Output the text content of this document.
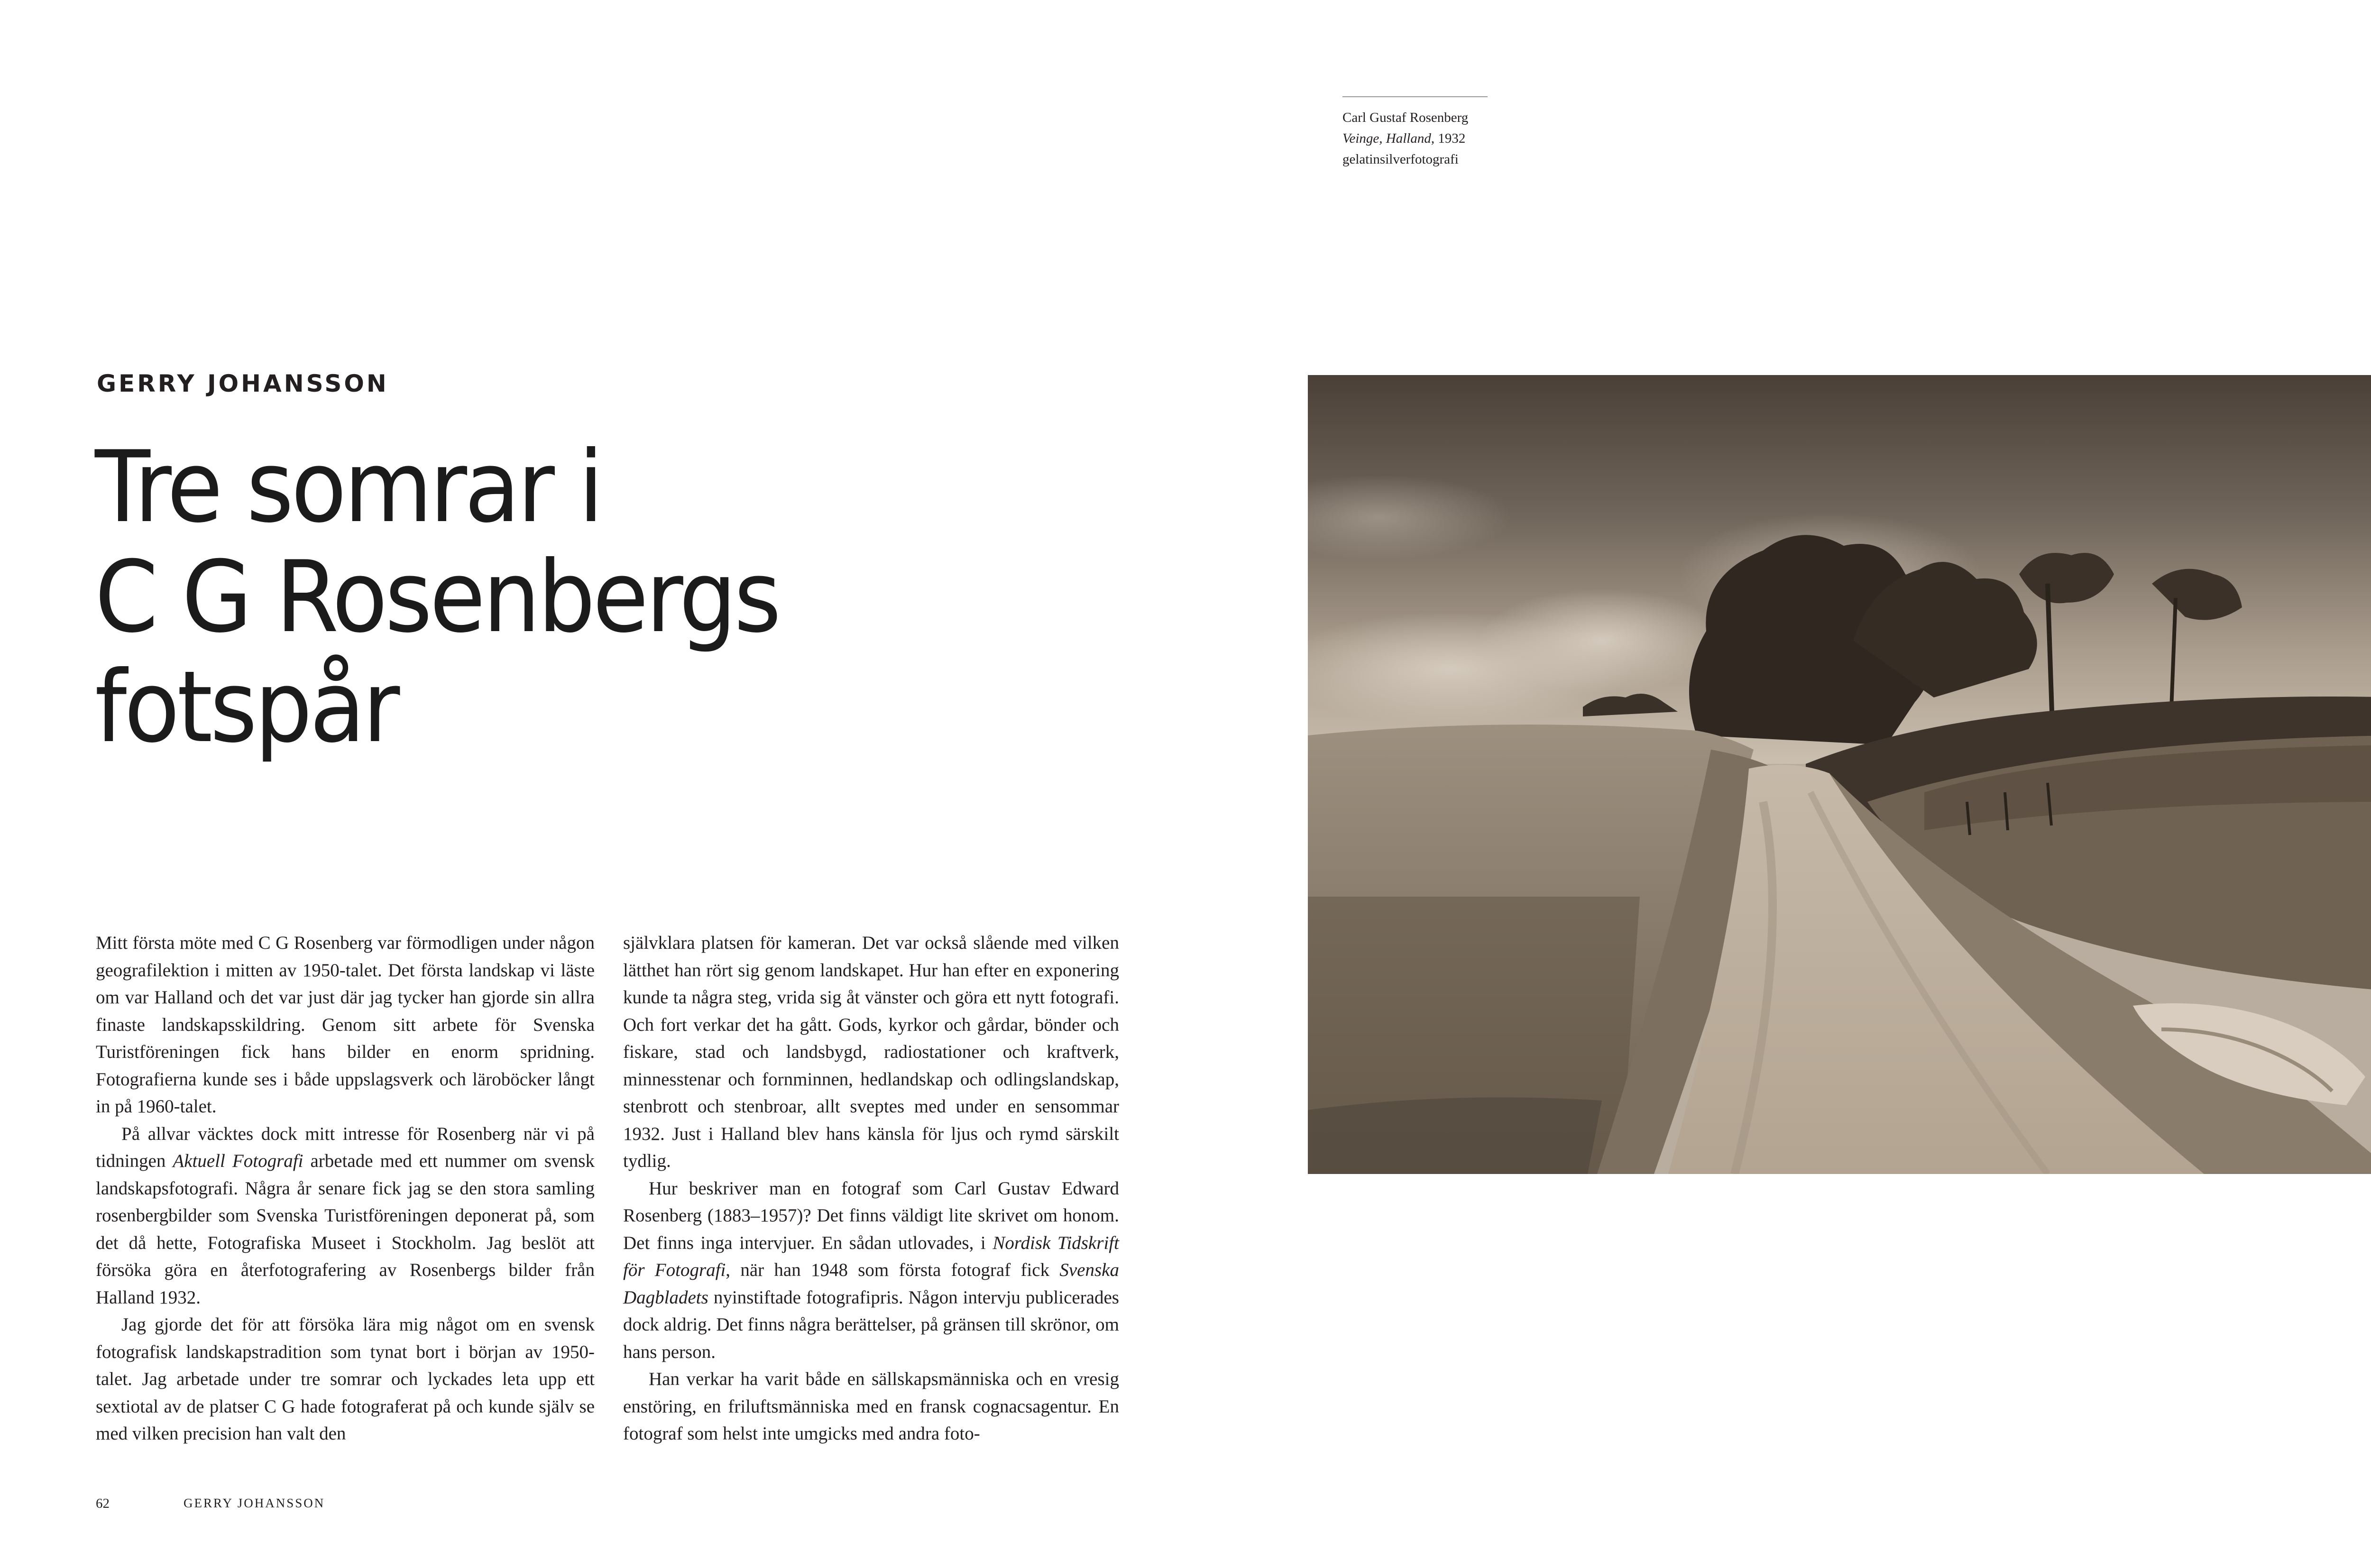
Carl Gustaf Rosenberg
Veinge, Halland, 1932
gelatinsilverfotografi
GERRY JOHANSSON
Tre somrar i
C G Rosenbergs
fotspår

Mitt första möte med C G Rosenberg var förmodligen under någon geografilektion i mitten av 1950-talet. Det första landskap vi läste om var Halland och det var just där jag tycker han gjorde sin allra finaste landskapsskildring. Genom sitt arbete för Svenska Turistföreningen fick hans bilder en enorm spridning. Fotografierna kunde ses i både uppslagsverk och läroböcker långt in på 1960-talet.

På allvar väcktes dock mitt intresse för Rosenberg när vi på tidningen Aktuell Fotografi arbetade med ett nummer om svensk landskapsfotografi. Några år senare fick jag se den stora samling rosenbergbilder som Svenska Turistföreningen deponerat på, som det då hette, Fotografiska Museet i Stockholm. Jag beslöt att försöka göra en återfotografering av Rosenbergs bilder från Halland 1932.

Jag gjorde det för att försöka lära mig något om en svensk fotografisk landskapstradition som tynat bort i början av 1950-talet. Jag arbetade under tre somrar och lyckades leta upp ett sextiotal av de platser C G hade fotograferat på och kunde själv se med vilken precision han valt den

självklara platsen för kameran. Det var också slående med vilken lätthet han rört sig genom landskapet. Hur han efter en exponering kunde ta några steg, vrida sig åt vänster och göra ett nytt fotografi. Och fort verkar det ha gått. Gods, kyrkor och gårdar, bönder och fiskare, stad och landsbygd, radiostationer och kraftverk, minnesstenar och fornminnen, hedlandskap och odlingslandskap, stenbrott och stenbroar, allt sveptes med under en sensommar 1932. Just i Halland blev hans känsla för ljus och rymd särskilt tydlig.

Hur beskriver man en fotograf som Carl Gustav Edward Rosenberg (1883–1957)? Det finns väldigt lite skrivet om honom. Det finns inga intervjuer. En sådan utlovades, i Nordisk Tidskrift för Fotografi, när han 1948 som första fotograf fick Svenska Dagbladets nyinstiftade fotografipris. Någon intervju publicerades dock aldrig. Det finns några berättelser, på gränsen till skrönor, om hans person.

Han verkar ha varit både en sällskapsmänniska och en vresig enstöring, en friluftsmänniska med en fransk cognacsagentur. En fotograf som helst inte umgicks med andra foto-

62	GERRY JOHANSSON
